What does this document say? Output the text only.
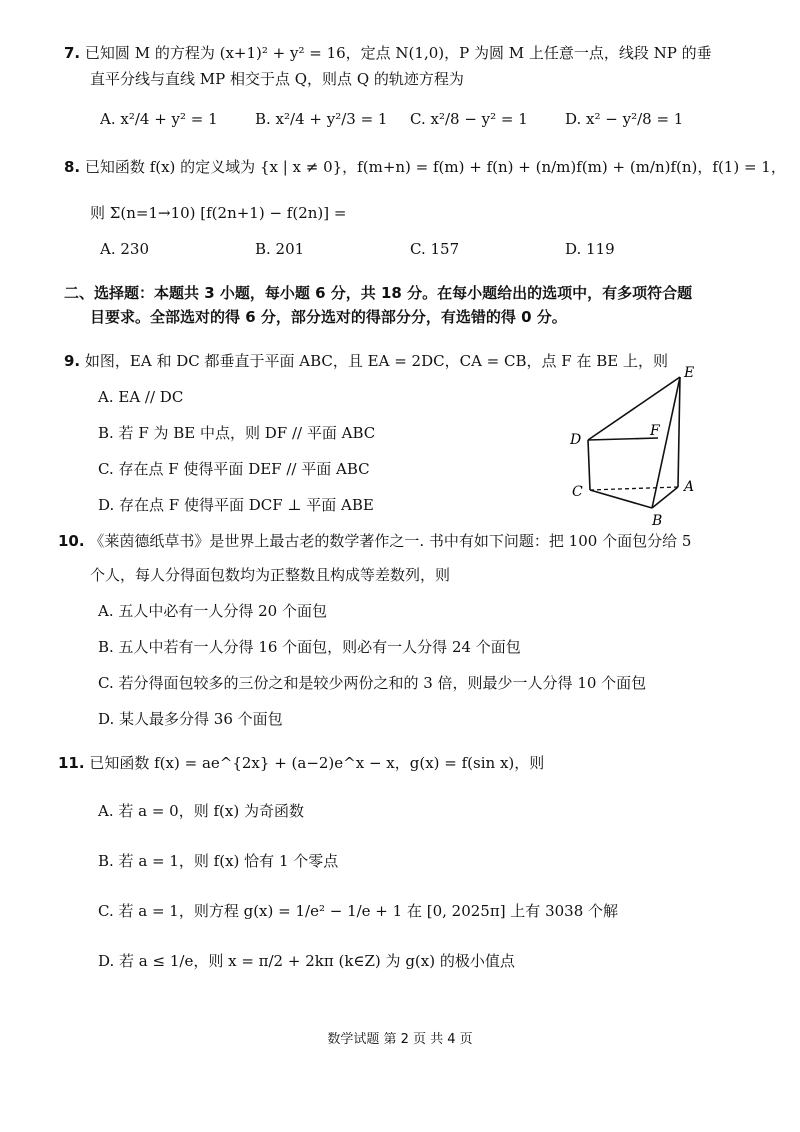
7. 已知圆 M 的方程为 (x+1)² + y² = 16，定点 N(1,0)，P 为圆 M 上任意一点，线段 NP 的垂
直平分线与直线 MP 相交于点 Q，则点 Q 的轨迹方程为
A. x²/4 + y² = 1 B. x²/4 + y²/3 = 1 C. x²/8 − y² = 1 D. x² − y²/8 = 1
8. 已知函数 f(x) 的定义域为 {x | x ≠ 0}，f(m+n) = f(m) + f(n) + (n/m)f(m) + (m/n)f(n)，f(1) = 1，
则 Σ(n=1→10) [f(2n+1) − f(2n)] =
A. 230	B. 201	C. 157	D. 119
二、选择题：本题共 3 小题，每小题 6 分，共 18 分。在每小题给出的选项中，有多项符合题
目要求。全部选对的得 6 分，部分选对的得部分分，有选错的得 0 分。
9. 如图，EA 和 DC 都垂直于平面 ABC，且 EA = 2DC，CA = CB，点 F 在 BE 上，则
A. EA // DC
B. 若 F 为 BE 中点，则 DF // 平面 ABC
C. 存在点 F 使得平面 DEF // 平面 ABC
D. 存在点 F 使得平面 DCF ⊥ 平面 ABE
E
D
F
C	A
B
10. 《莱茵德纸草书》是世界上最古老的数学著作之一. 书中有如下问题：把 100 个面包分给 5
个人，每人分得面包数均为正整数且构成等差数列，则
A. 五人中必有一人分得 20 个面包
B. 五人中若有一人分得 16 个面包，则必有一人分得 24 个面包
C. 若分得面包较多的三份之和是较少两份之和的 3 倍，则最少一人分得 10 个面包
D. 某人最多分得 36 个面包
11. 已知函数 f(x) = ae^{2x} + (a−2)e^x − x，g(x) = f(sin x)，则
A. 若 a = 0，则 f(x) 为奇函数
B. 若 a = 1，则 f(x) 恰有 1 个零点
C. 若 a = 1，则方程 g(x) = 1/e² − 1/e + 1 在 [0, 2025π] 上有 3038 个解
D. 若 a ≤ 1/e，则 x = π/2 + 2kπ (k∈Z) 为 g(x) 的极小值点
数学试题 第 2 页 共 4 页
